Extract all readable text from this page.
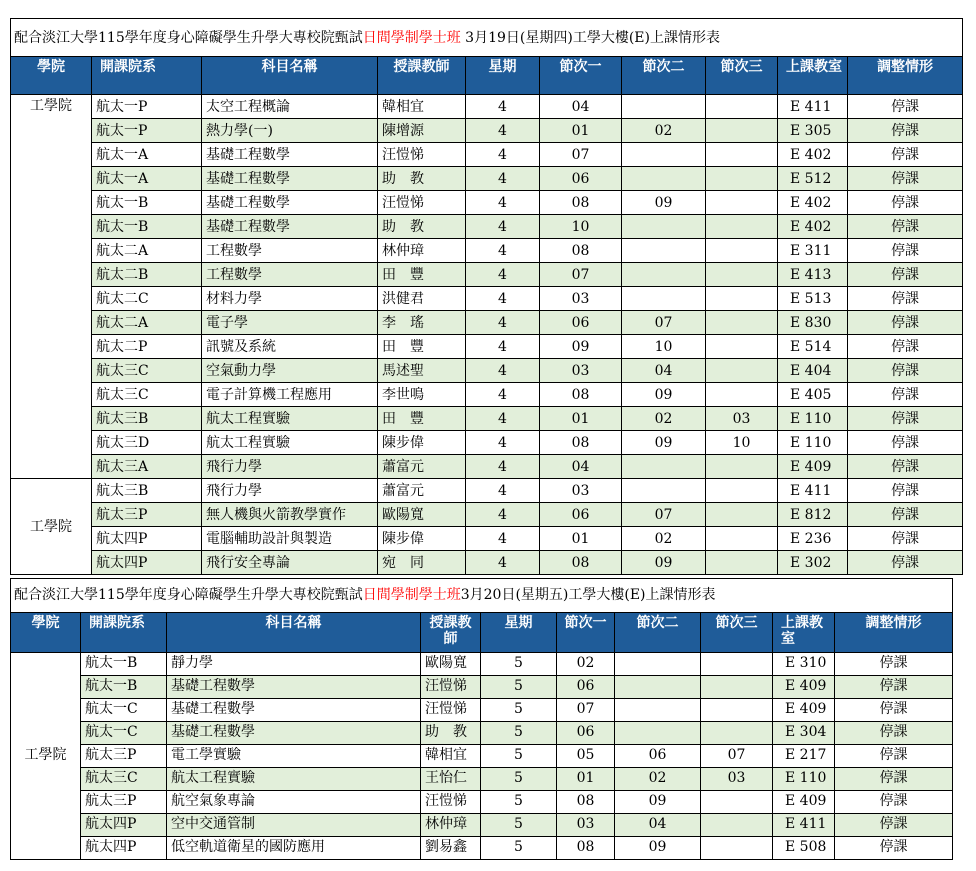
配合淡江大學115學年度身心障礙學生升學大專校院甄試日間學制學士班 3月19日(星期四)工學大樓(E)上課情形表									
學院	開課院系	科目名稱	授課教師	星期	節次一	節次二	節次三	上課教室	調整情形
工學院	航太一P	太空工程概論	韓相宜	4	04			E 411	停課
	航太一P	熱力學(一)	陳增源	4	01	02		E 305	停課
	航太一A	基礎工程數學	汪愷悌	4	07			E 402	停課
	航太一A	基礎工程數學	助　教	4	06			E 512	停課
	航太一B	基礎工程數學	汪愷悌	4	08	09		E 402	停課
	航太一B	基礎工程數學	助　教	4	10			E 402	停課
	航太二A	工程數學	林仲璋	4	08			E 311	停課
	航太二B	工程數學	田　豐	4	07			E 413	停課
	航太二C	材料力學	洪健君	4	03			E 513	停課
	航太二A	電子學	李　瑤	4	06	07		E 830	停課
	航太二P	訊號及系統	田　豐	4	09	10		E 514	停課
	航太三C	空氣動力學	馬述聖	4	03	04		E 404	停課
	航太三C	電子計算機工程應用	李世鳴	4	08	09		E 405	停課
	航太三B	航太工程實驗	田　豐	4	01	02	03	E 110	停課
	航太三D	航太工程實驗	陳步偉	4	08	09	10	E 110	停課
	航太三A	飛行力學	蕭富元	4	04			E 409	停課
工學院	航太三B	飛行力學	蕭富元	4	03			E 411	停課
	航太三P	無人機與火箭教學實作	歐陽寬	4	06	07		E 812	停課
	航太四P	電腦輔助設計與製造	陳步偉	4	01	02		E 236	停課
	航太四P	飛行安全專論	宛　同	4	08	09		E 302	停課
配合淡江大學115學年度身心障礙學生升學大專校院甄試日間學制學士班3月20日(星期五)工學大樓(E)上課情形表									
學院	開課院系	科目名稱	授課教師	星期	節次一	節次二	節次三	上課教室	調整情形
工學院	航太一B	靜力學	歐陽寬	5	02			E 310	停課
	航太一B	基礎工程數學	汪愷悌	5	06			E 409	停課
	航太一C	基礎工程數學	汪愷悌	5	07			E 409	停課
	航太一C	基礎工程數學	助　教	5	06			E 304	停課
	航太三P	電工學實驗	韓相宜	5	05	06	07	E 217	停課
	航太三C	航太工程實驗	王怡仁	5	01	02	03	E 110	停課
	航太三P	航空氣象專論	汪愷悌	5	08	09		E 409	停課
	航太四P	空中交通管制	林仲璋	5	03	04		E 411	停課
	航太四P	低空軌道衛星的國防應用	劉易鑫	5	08	09		E 508	停課
